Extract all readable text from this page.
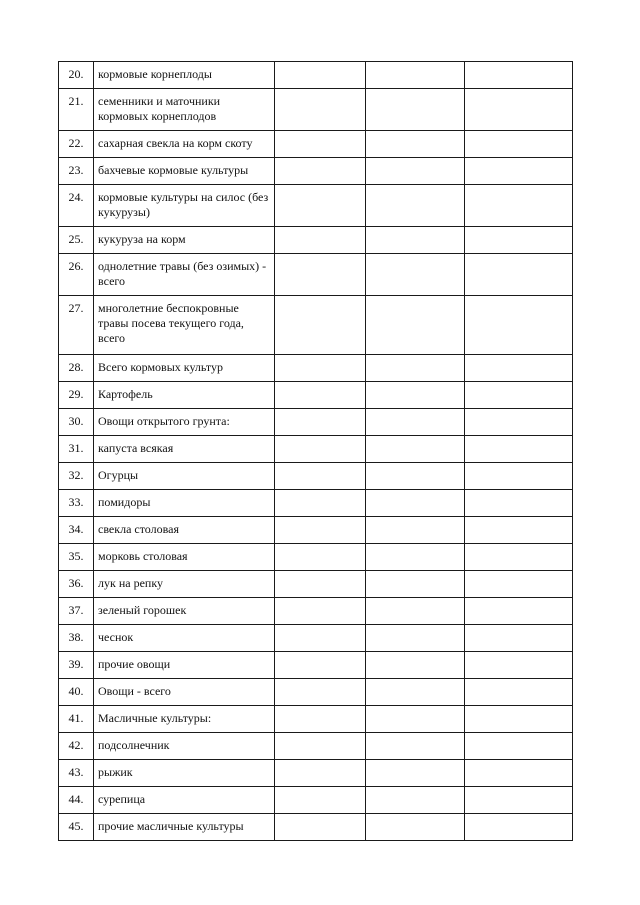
20.	кормовые корнеплоды			
21.	семенники и маточники кормовых корнеплодов			
22.	сахарная свекла на корм скоту			
23.	бахчевые кормовые культуры			
24.	кормовые культуры на силос (без кукурузы)			
25.	кукуруза на корм			
26.	однолетние травы (без озимых) - всего			
27.	многолетние беспокровные травы посева текущего года, всего			
28.	Всего кормовых культур			
29.	Картофель			
30.	Овощи открытого грунта:			
31.	капуста всякая			
32.	Огурцы			
33.	помидоры			
34.	свекла столовая			
35.	морковь столовая			
36.	лук на репку			
37.	зеленый горошек			
38.	чеснок			
39.	прочие овощи			
40.	Овощи - всего			
41.	Масличные культуры:			
42.	подсолнечник			
43.	рыжик			
44.	сурепица			
45.	прочие масличные культуры			
